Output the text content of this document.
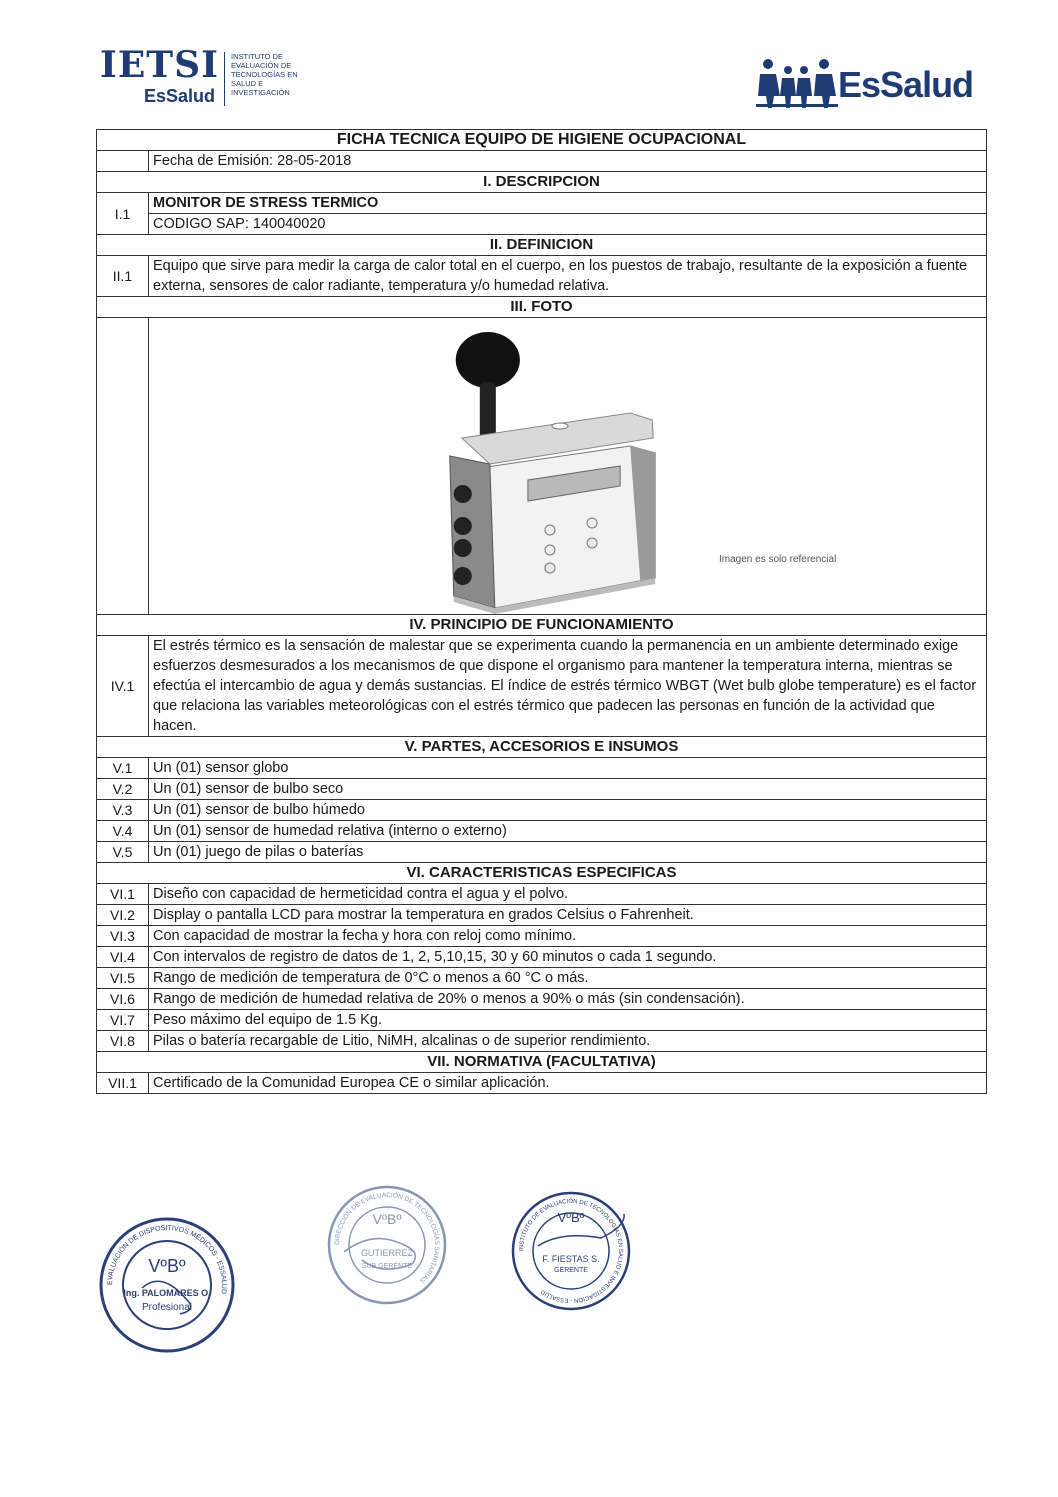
IETSI
EsSalud
INSTITUTO DE EVALUACIÓN DE TECNOLOGÍAS EN SALUD E INVESTIGACIÓN	EsSalud
FICHA TECNICA EQUIPO DE HIGIENE OCUPACIONAL	
	Fecha de Emisión: 28-05-2018
I. DESCRIPCION	
I.1	MONITOR DE STRESS TERMICO
	CODIGO SAP: 140040020
II. DEFINICION	
II.1	Equipo que sirve para medir la carga de calor total en el cuerpo, en los puestos de trabajo, resultante de la exposición a fuente externa, sensores de calor radiante, temperatura y/o humedad relativa.
III. FOTO	

	Imagen es solo referencial

IV. PRINCIPIO DE FUNCIONAMIENTO	
IV.1	El estrés térmico es la sensación de malestar que se experimenta cuando la permanencia en un ambiente determinado exige esfuerzos desmesurados a los mecanismos de que dispone el organismo para mantener la temperatura interna, mientras se efectúa el intercambio de agua y demás sustancias. El índice de estrés térmico WBGT (Wet bulb globe temperature) es el factor que relaciona las variables meteorológicas con el estrés térmico que padecen las personas en función de la actividad que hacen.
V. PARTES, ACCESORIOS E INSUMOS	
V.1	Un (01) sensor globo
V.2	Un (01) sensor de bulbo seco
V.3	Un (01) sensor de bulbo húmedo
V.4	Un (01) sensor de humedad relativa (interno o externo)
V.5	Un (01) juego de pilas o baterías
VI. CARACTERISTICAS ESPECIFICAS	
VI.1	Diseño con capacidad de hermeticidad contra el agua y el polvo.
VI.2	Display o pantalla LCD para mostrar la temperatura en grados Celsius o Fahrenheit.
VI.3	Con capacidad de mostrar la fecha y hora con reloj como mínimo.
VI.4	Con intervalos de registro de datos de 1, 2, 5,10,15, 30 y 60 minutos o cada 1 segundo.
VI.5	Rango de medición de temperatura de 0°C o menos a 60 °C o más.
VI.6	Rango de medición de humedad relativa de 20% o menos a 90% o más (sin condensación).
VI.7	Peso máximo del equipo de 1.5 Kg.
VI.8	Pilas o batería recargable de Litio, NiMH, alcalinas o de superior rendimiento.
VII. NORMATIVA (FACULTATIVA)	
VII.1	Certificado de la Comunidad Europea CE o similar aplicación.
VºBº
Ing. PALOMARES O.
Profesional
EVALUACIÓN DE DISPOSITIVOS MÉDICOS - ESSALUD
VºBº
GUTIERREZ
SUB GERENTE
DIRECCIÓN DE EVALUACIÓN DE TECNOLOGÍAS SANITARIAS
VºBº
F. FIESTAS S.
GERENTE
INSTITUTO DE EVALUACIÓN DE TECNOLOGÍAS EN SALUD E INVESTIGACIÓN - ESSALUD
